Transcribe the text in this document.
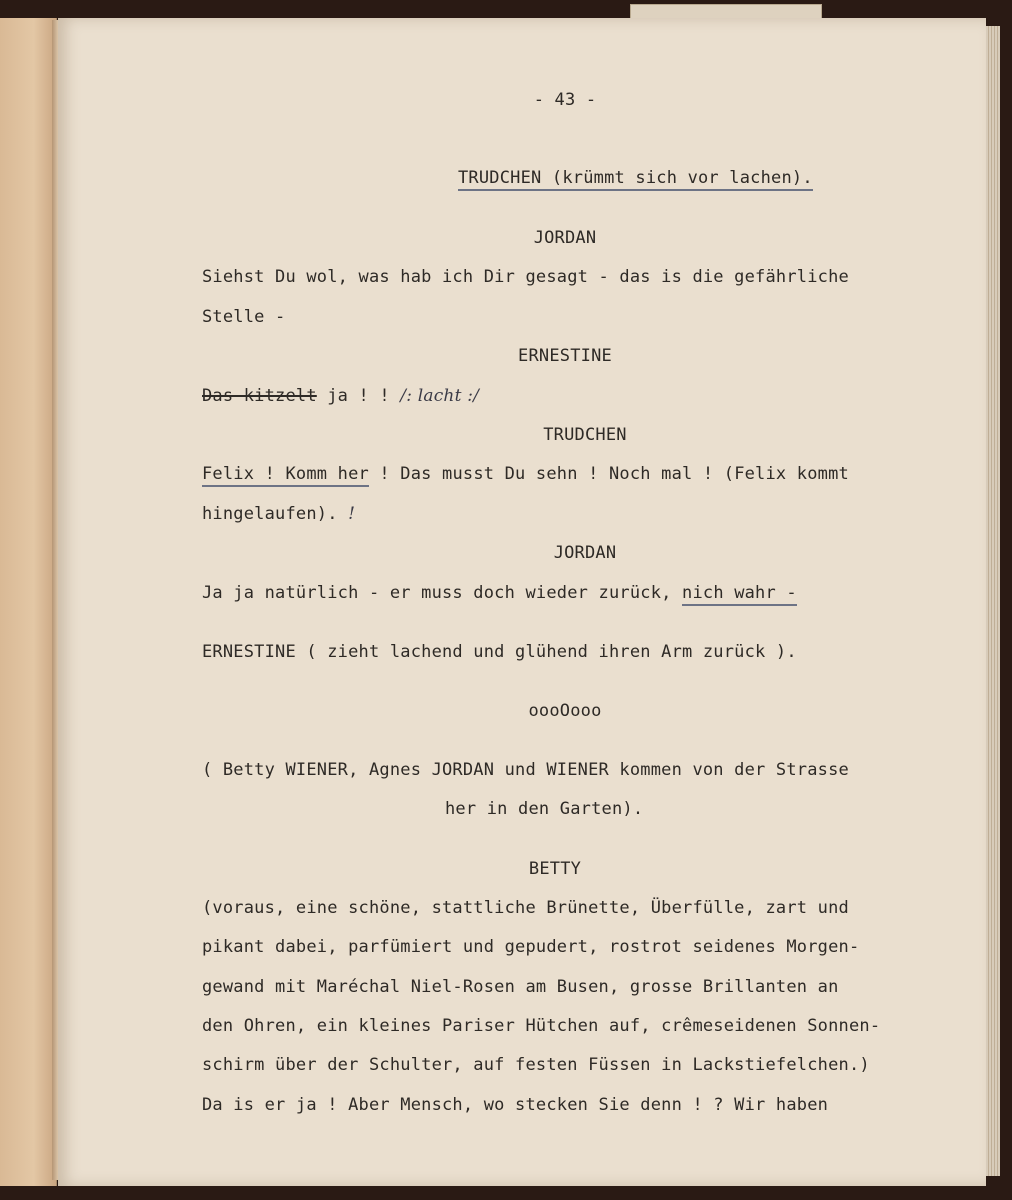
- 43 -
TRUDCHEN (krümmt sich vor lachen).
JORDAN
Siehst Du wol, was hab ich Dir gesagt - das is die gefährliche
Stelle -
ERNESTINE
Das kitzelt ja ! ! /: lacht :/
TRUDCHEN
Felix ! Komm her ! Das musst Du sehn ! Noch mal ! (Felix kommt
hingelaufen). !
JORDAN
Ja ja natürlich - er muss doch wieder zurück, nich wahr -
ERNESTINE ( zieht lachend und glühend ihren Arm zurück ).
oooOooo
( Betty WIENER, Agnes JORDAN und WIENER kommen von der Strasse
her in den Garten).
BETTY
(voraus, eine schöne, stattliche Brünette, Überfülle, zart und
pikant dabei, parfümiert und gepudert, rostrot seidenes Morgen-
gewand mit Maréchal Niel-Rosen am Busen, grosse Brillanten an
den Ohren, ein kleines Pariser Hütchen auf, crêmeseidenen Sonnen-
schirm über der Schulter, auf festen Füssen in Lackstiefelchen.)
Da is er ja ! Aber Mensch, wo stecken Sie denn ! ? Wir haben
